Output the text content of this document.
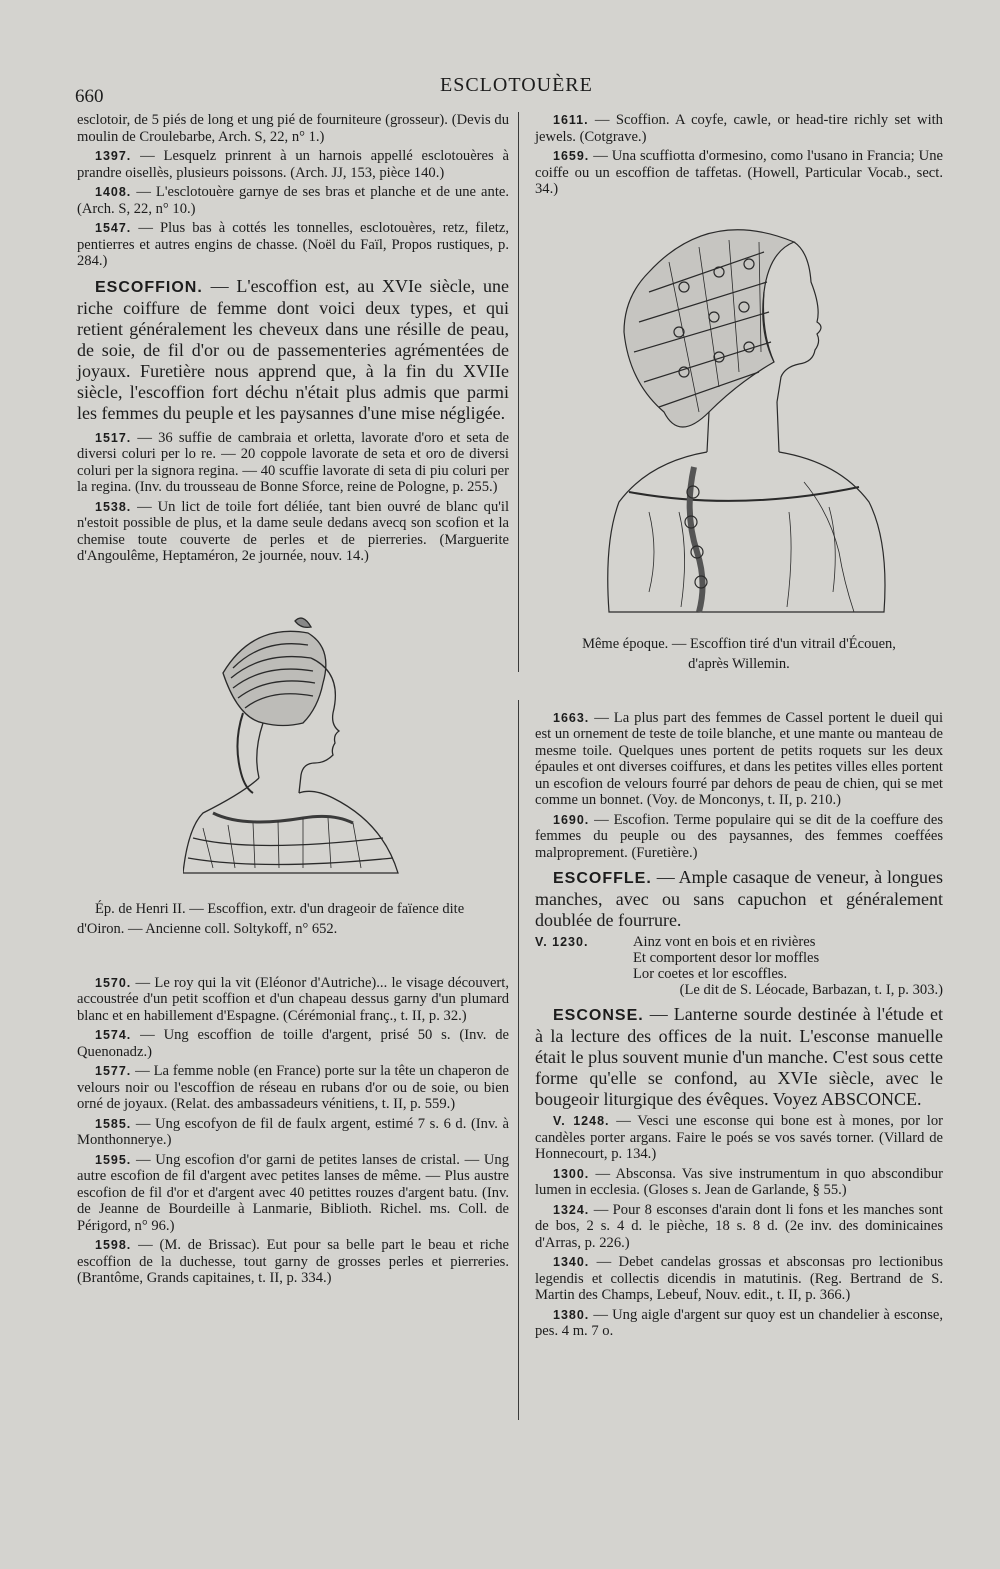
660
ESCLOTOUÈRE

esclotoir, de 5 piés de long et ung pié de fourniteure (grosseur). (Devis du moulin de Croulebarbe, Arch. S, 22, n° 1.)

1397. — Lesquelz prinrent à un harnois appellé esclotouères à prandre oisellès, plusieurs poissons. (Arch. JJ, 153, pièce 140.)

1408. — L'esclotouère garnye de ses bras et planche et de une ante. (Arch. S, 22, n° 10.)

1547. — Plus bas à cottés les tonnelles, esclotouères, retz, filetz, pentierres et autres engins de chasse. (Noël du Faïl, Propos rustiques, p. 284.)

ESCOFFION. — L'escoffion est, au XVIe siècle, une riche coiffure de femme dont voici deux types, et qui retient généralement les cheveux dans une résille de peau, de soie, de fil d'or ou de passementeries agrémentées de joyaux. Furetière nous apprend que, à la fin du XVIIe siècle, l'escoffion fort déchu n'était plus admis que parmi les femmes du peuple et les paysannes d'une mise négligée.

1517. — 36 suffie de cambraia et orletta, lavorate d'oro et seta de diversi coluri per lo re. — 20 coppole lavorate de seta et oro de diversi coluri per la signora regina. — 40 scuffie lavorate di seta di piu coluri per la regina. (Inv. du trousseau de Bonne Sforce, reine de Pologne, p. 255.)

1538. — Un lict de toile fort déliée, tant bien ouvré de blanc qu'il n'estoit possible de plus, et la dame seule dedans avecq son scofion et la chemise toute couverte de perles et de pierreries. (Marguerite d'Angoulême, Heptaméron, 2e journée, nouv. 14.)

Ép. de Henri II. — Escoffion, extr. d'un drageoir de faïence dite d'Oiron. — Ancienne coll. Soltykoff, n° 652.

1570. — Le roy qui la vit (Eléonor d'Autriche)... le visage découvert, accoustrée d'un petit scoffion et d'un chapeau dessus garny d'un plumard blanc et en habillement d'Espagne. (Cérémonial franç., t. II, p. 32.)

1574. — Ung escoffion de toille d'argent, prisé 50 s. (Inv. de Quenonadz.)

1577. — La femme noble (en France) porte sur la tête un chaperon de velours noir ou l'escoffion de réseau en rubans d'or ou de soie, ou bien orné de joyaux. (Relat. des ambassadeurs vénitiens, t. II, p. 559.)

1585. — Ung escofyon de fil de faulx argent, estimé 7 s. 6 d. (Inv. à Monthonnerye.)

1595. — Ung escofion d'or garni de petites lanses de cristal. — Ung autre escofion de fil d'argent avec petites lanses de même. — Plus austre escofion de fil d'or et d'argent avec 40 petittes rouzes d'argent batu. (Inv. de Jeanne de Bourdeille à Lanmarie, Biblioth. Richel. ms. Coll. de Périgord, n° 96.)

1598. — (M. de Brissac). Eut pour sa belle part le beau et riche escoffion de la duchesse, tout garny de grosses perles et pierreries. (Brantôme, Grands capitaines, t. II, p. 334.)

1611. — Scoffion. A coyfe, cawle, or head-tire richly set with jewels. (Cotgrave.)

1659. — Una scuffiotta d'ormesino, como l'usano in Francia; Une coiffe ou un escoffion de taffetas. (Howell, Particular Vocab., sect. 34.)

Même époque. — Escoffion tiré d'un vitrail d'Écouen,
d'après Willemin.

1663. — La plus part des femmes de Cassel portent le dueil qui est un ornement de teste de toile blanche, et une mante ou manteau de mesme toile. Quelques unes portent de petits roquets sur les deux épaules et ont diverses coiffures, et dans les petites villes elles portent un escofion de velours fourré par dehors de peau de chien, qui se met comme un bonnet. (Voy. de Monconys, t. II, p. 210.)

1690. — Escofion. Terme populaire qui se dit de la coeffure des femmes du peuple ou des paysannes, des femmes coeffées malproprement. (Furetière.)

ESCOFFLE. — Ample casaque de veneur, à longues manches, avec ou sans capuchon et généralement doublée de fourrure.

V. 1230.	Ainz vont en bois et en rivières
Et comportent desor lor moffles
Lor coetes et lor escoffles.
(Le dit de S. Léocade, Barbazan, t. I, p. 303.)

ESCONSE. — Lanterne sourde destinée à l'étude et à la lecture des offices de la nuit. L'esconse manuelle était le plus souvent munie d'un manche. C'est sous cette forme qu'elle se confond, au XVIe siècle, avec le bougeoir liturgique des évêques. Voyez ABSCONCE.

V. 1248. — Vesci une esconse qui bone est à mones, por lor candèles porter argans. Faire le poés se vos savés torner. (Villard de Honnecourt, p. 134.)

1300. — Absconsa. Vas sive instrumentum in quo abscondibur lumen in ecclesia. (Gloses s. Jean de Garlande, § 55.)

1324. — Pour 8 esconses d'arain dont li fons et les manches sont de bos, 2 s. 4 d. le pièche, 18 s. 8 d. (2e inv. des dominicaines d'Arras, p. 226.)

1340. — Debet candelas grossas et absconsas pro lectionibus legendis et collectis dicendis in matutinis. (Reg. Bertrand de S. Martin des Champs, Lebeuf, Nouv. edit., t. II, p. 366.)

1380. — Ung aigle d'argent sur quoy est un chandelier à esconse, pes. 4 m. 7 o.
